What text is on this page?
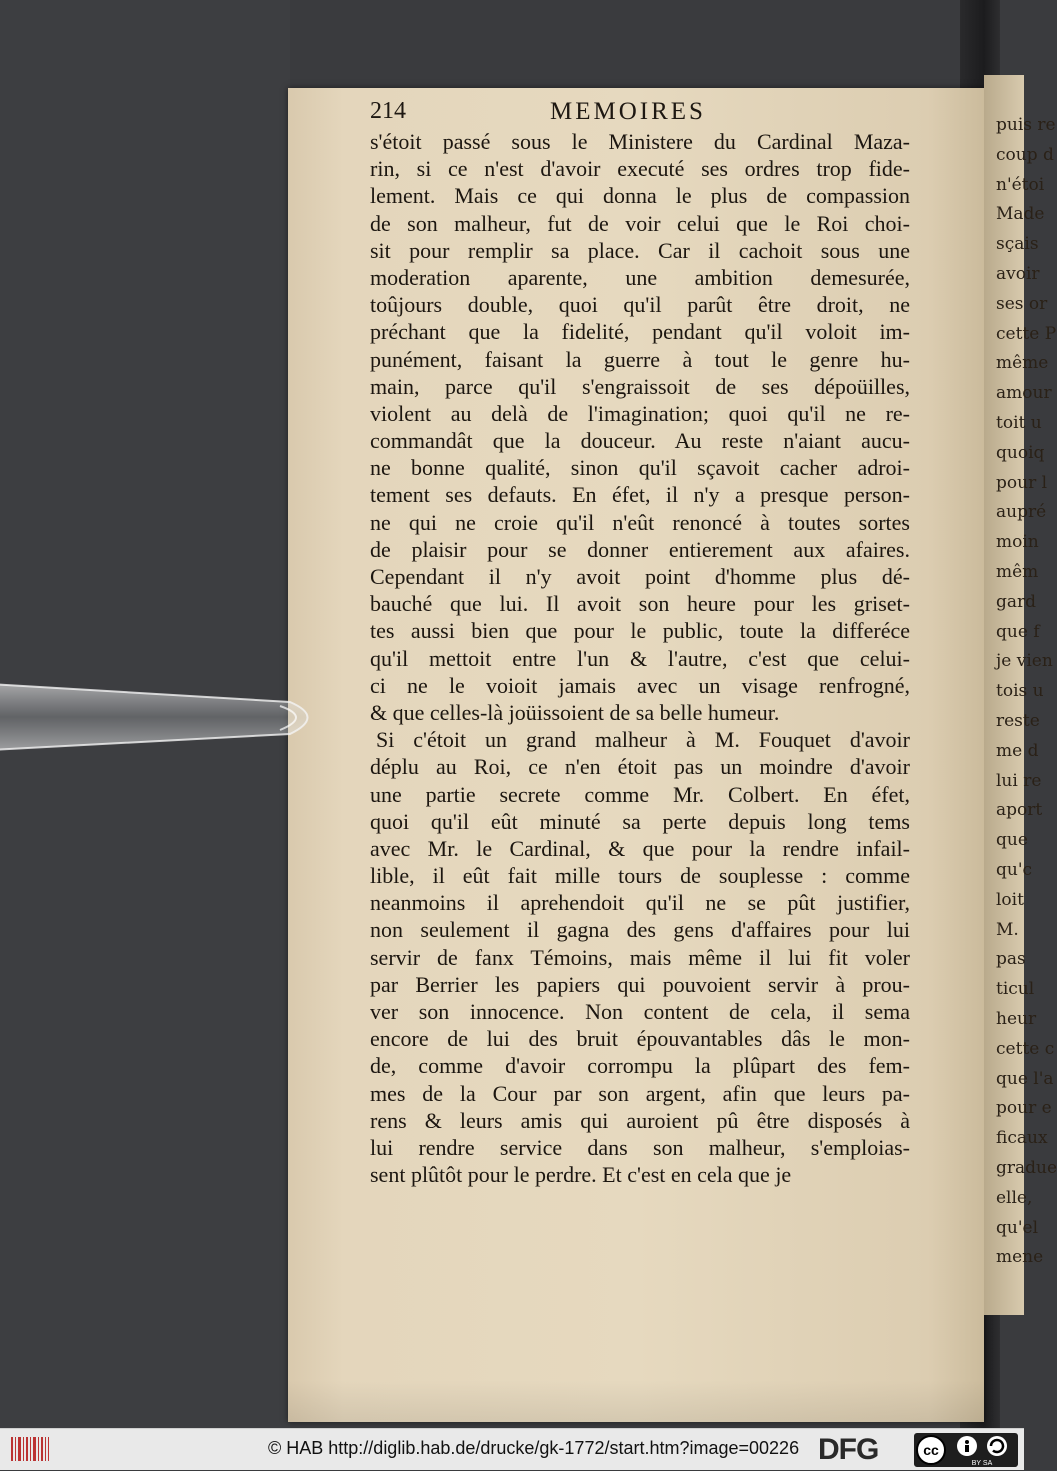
puis re
coup d
n'étoi
Made
sçais
avoir
ses or
cette P
même
amour
toit u
quoiq
pour l
aupré
moin
mêm
gard
que f
je vien
tois u
reste
me d
lui re
aport
que
qu'c
loit
M.
pas
ticul
heur
cette c
que l'a
pour e
ficaux
gradue
elle,
qu'el
mene
214	MEMOIRES
s'étoit passé sous le Ministere du Cardinal Maza-
rin, si ce n'est d'avoir executé ses ordres trop fide-
lement. Mais ce qui donna le plus de compassion
de son malheur, fut de voir celui que le Roi choi-
sit pour remplir sa place. Car il cachoit sous une
moderation aparente, une ambition demesurée,
toûjours double, quoi qu'il parût être droit, ne
préchant que la fidelité, pendant qu'il voloit im-
punément, faisant la guerre à tout le genre hu-
main, parce qu'il s'engraissoit de ses dépoüilles,
violent au delà de l'imagination; quoi qu'il ne re-
commandât que la douceur. Au reste n'aiant aucu-
ne bonne qualité, sinon qu'il sçavoit cacher adroi-
tement ses defauts. En éfet, il n'y a presque person-
ne qui ne croie qu'il n'eût renoncé à toutes sortes
de plaisir pour se donner entierement aux afaires.
Cependant il n'y avoit point d'homme plus dé-
bauché que lui. Il avoit son heure pour les griset-
tes aussi bien que pour le public, toute la differéce
qu'il mettoit entre l'un & l'autre, c'est que celui-
ci ne le voioit jamais avec un visage renfrogné,
& que celles-là joüissoient de sa belle humeur.
Si c'étoit un grand malheur à M. Fouquet d'avoir
déplu au Roi, ce n'en étoit pas un moindre d'avoir
une partie secrete comme Mr. Colbert. En éfet,
quoi qu'il eût minuté sa perte depuis long tems
avec Mr. le Cardinal, & que pour la rendre infail-
lible, il eût fait mille tours de souplesse : comme
neanmoins il aprehendoit qu'il ne se pût justifier,
non seulement il gagna des gens d'affaires pour lui
servir de fanx Témoins, mais même il lui fit voler
par Berrier les papiers qui pouvoient servir à prou-
ver son innocence. Non content de cela, il sema
encore de lui des bruit épouvantables dâs le mon-
de, comme d'avoir corrompu la plûpart des fem-
mes de la Cour par son argent, afin que leurs pa-
rens & leurs amis qui auroient pû être disposés à
lui rendre service dans son malheur, s'emploias-
sent plûtôt pour le perdre. Et c'est en cela que je
© HAB http://diglib.hab.de/drucke/gk-1772/start.htm?image=00226 DFG	cc
BY SA
